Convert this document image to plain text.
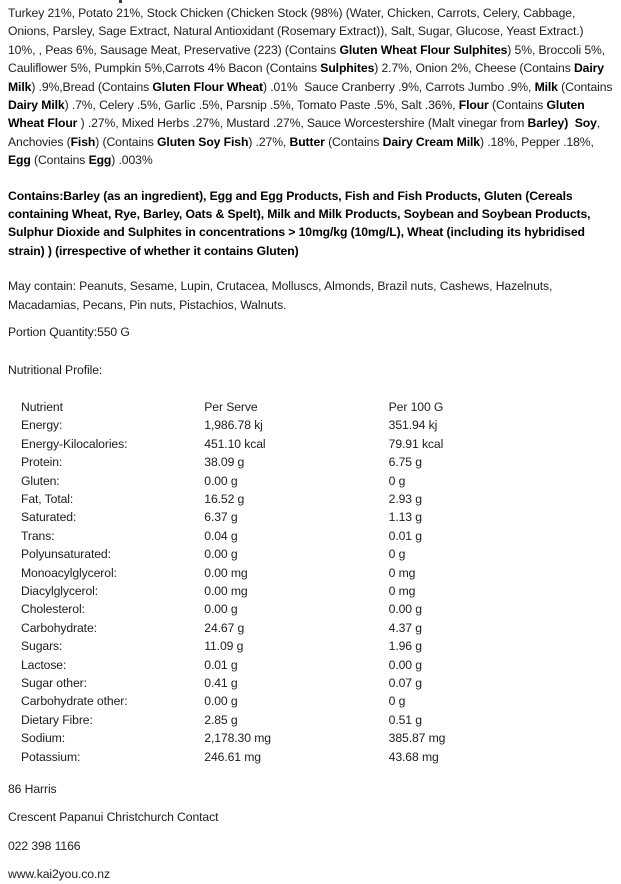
Turkey 21%, Potato 21%, Stock Chicken (Chicken Stock (98%) (Water, Chicken, Carrots, Celery, Cabbage, Onions, Parsley, Sage Extract, Natural Antioxidant (Rosemary Extract)), Salt, Sugar, Glucose, Yeast Extract.) 10%, , Peas 6%, Sausage Meat, Preservative (223) (Contains Gluten Wheat Flour Sulphites) 5%, Broccoli 5%, Cauliflower 5%, Pumpkin 5%,Carrots 4% Bacon (Contains Sulphites) 2.7%, Onion 2%, Cheese (Contains Dairy Milk) .9%,Bread (Contains Gluten Flour Wheat) .01%  Sauce Cranberry .9%, Carrots Jumbo .9%, Milk (Contains Dairy Milk) .7%, Celery .5%, Garlic .5%, Parsnip .5%, Tomato Paste .5%, Salt .36%, Flour (Contains Gluten Wheat Flour ) .27%, Mixed Herbs .27%, Mustard .27%, Sauce Worcestershire (Malt vinegar from Barley) Soy, Anchovies (Fish) (Contains Gluten Soy Fish) .27%, Butter (Contains Dairy Cream Milk) .18%, Pepper .18%, Egg (Contains Egg) .003%

Contains:Barley (as an ingredient), Egg and Egg Products, Fish and Fish Products, Gluten (Cereals containing Wheat, Rye, Barley, Oats & Spelt), Milk and Milk Products, Soybean and Soybean Products, Sulphur Dioxide and Sulphites in concentrations > 10mg/kg (10mg/L), Wheat (including its hybridised strain) ) (irrespective of whether it contains Gluten)

May contain: Peanuts, Sesame, Lupin, Crutacea, Molluscs, Almonds, Brazil nuts, Cashews, Hazelnuts, Macadamias, Pecans, Pin nuts, Pistachios, Walnuts.

Portion Quantity:550 G

Nutritional Profile:

Nutrient	Per Serve	Per 100 G
Energy:	1,986.78 kj	351.94 kj
Energy-Kilocalories:	451.10 kcal	79.91 kcal
Protein:	38.09 g	6.75 g
Gluten:	0.00 g	0 g
Fat, Total:	16.52 g	2.93 g
Saturated:	6.37 g	1.13 g
Trans:	0.04 g	0.01 g
Polyunsaturated:	0.00 g	0 g
Monoacylglycerol:	0.00 mg	0 mg
Diacylglycerol:	0.00 mg	0 mg
Cholesterol:	0.00 g	0.00 g
Carbohydrate:	24.67 g	4.37 g
Sugars:	11.09 g	1.96 g
Lactose:	0.01 g	0.00 g
Sugar other:	0.41 g	0.07 g
Carbohydrate other:	0.00 g	0 g
Dietary Fibre:	2.85 g	0.51 g
Sodium:	2,178.30 mg	385.87 mg
Potassium:	246.61 mg	43.68 mg

86 Harris

Crescent Papanui Christchurch Contact

022 398 1166

www.kai2you.co.nz
